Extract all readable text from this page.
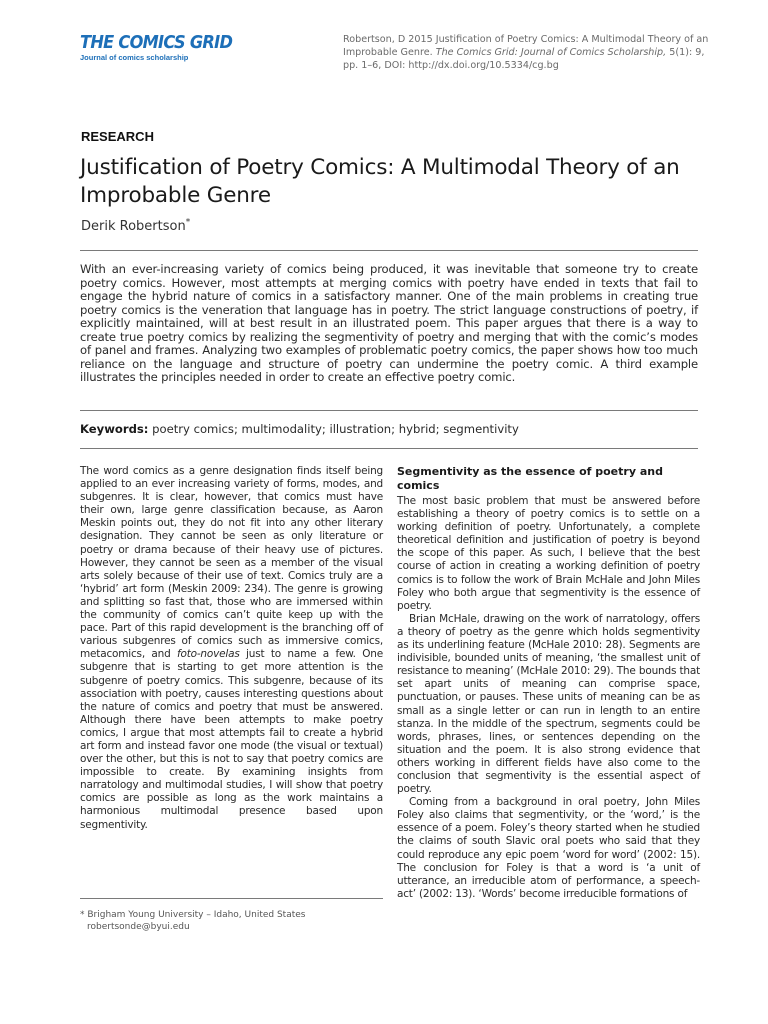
THE COMICS GRID
Journal of comics scholarship
Robertson, D 2015 Justification of Poetry Comics: A Multimodal Theory of an Improbable Genre. The Comics Grid: Journal of Comics Scholarship, 5(1): 9, pp. 1–6, DOI: http://dx.doi.org/10.5334/cg.bg
RESEARCH
Justification of Poetry Comics: A Multimodal Theory of an Improbable Genre
Derik Robertson*

With an ever-increasing variety of comics being produced, it was inevitable that someone try to create poetry comics. However, most attempts at merging comics with poetry have ended in texts that fail to engage the hybrid nature of comics in a satisfactory manner. One of the main problems in creating true poetry comics is the veneration that language has in poetry. The strict language constructions of poetry, if explicitly maintained, will at best result in an illustrated poem. This paper argues that there is a way to create true poetry comics by realizing the segmentivity of poetry and merging that with the comic’s modes of panel and frames. Analyzing two examples of problematic poetry comics, the paper shows how too much reliance on the language and structure of poetry can undermine the poetry comic. A third example illustrates the principles needed in order to create an effective poetry comic.

Keywords: poetry comics; multimodality; illustration; hybrid; segmentivity

The word comics as a genre designation finds itself being applied to an ever increasing variety of forms, modes, and subgenres. It is clear, however, that comics must have their own, large genre classification because, as Aaron Meskin points out, they do not fit into any other literary designation. They cannot be seen as only literature or poetry or drama because of their heavy use of pictures. However, they cannot be seen as a member of the visual arts solely because of their use of text. Comics truly are a ‘hybrid’ art form (Meskin 2009: 234). The genre is growing and splitting so fast that, those who are immersed within the community of comics can’t quite keep up with the pace. Part of this rapid development is the branching off of various subgenres of comics such as immersive comics, metacomics, and foto-novelas just to name a few. One subgenre that is starting to get more attention is the subgenre of poetry comics. This subgenre, because of its association with poetry, causes interesting questions about the nature of comics and poetry that must be answered. Although there have been attempts to make poetry comics, I argue that most attempts fail to create a hybrid art form and instead favor one mode (the visual or textual) over the other, but this is not to say that poetry comics are impossible to create. By examining insights from narratology and multimodal studies, I will show that poetry comics are possible as long as the work maintains a harmonious multimodal presence based upon segmentivity.

Segmentivity as the essence of poetry and comics

The most basic problem that must be answered before establishing a theory of poetry comics is to settle on a working definition of poetry. Unfortunately, a complete theoretical definition and justification of poetry is beyond the scope of this paper. As such, I believe that the best course of action in creating a working definition of poetry comics is to follow the work of Brain McHale and John Miles Foley who both argue that segmentivity is the essence of poetry.

Brian McHale, drawing on the work of narratology, offers a theory of poetry as the genre which holds segmentivity as its underlining feature (McHale 2010: 28). Segments are indivisible, bounded units of meaning, ‘the smallest unit of resistance to meaning’ (McHale 2010: 29). The bounds that set apart units of meaning can comprise space, punctuation, or pauses. These units of meaning can be as small as a single letter or can run in length to an entire stanza. In the middle of the spectrum, segments could be words, phrases, lines, or sentences depending on the situation and the poem. It is also strong evidence that others working in different fields have also come to the conclusion that segmentivity is the essential aspect of poetry.

Coming from a background in oral poetry, John Miles Foley also claims that segmentivity, or the ‘word,’ is the essence of a poem. Foley’s theory started when he studied the claims of south Slavic oral poets who said that they could reproduce any epic poem ‘word for word’ (2002: 15). The conclusion for Foley is that a word is ‘a unit of utterance, an irreducible atom of performance, a speech-act’ (2002: 13). ‘Words’ become irreducible formations of

* Brigham Young University – Idaho, United States
robertsonde@byui.edu
